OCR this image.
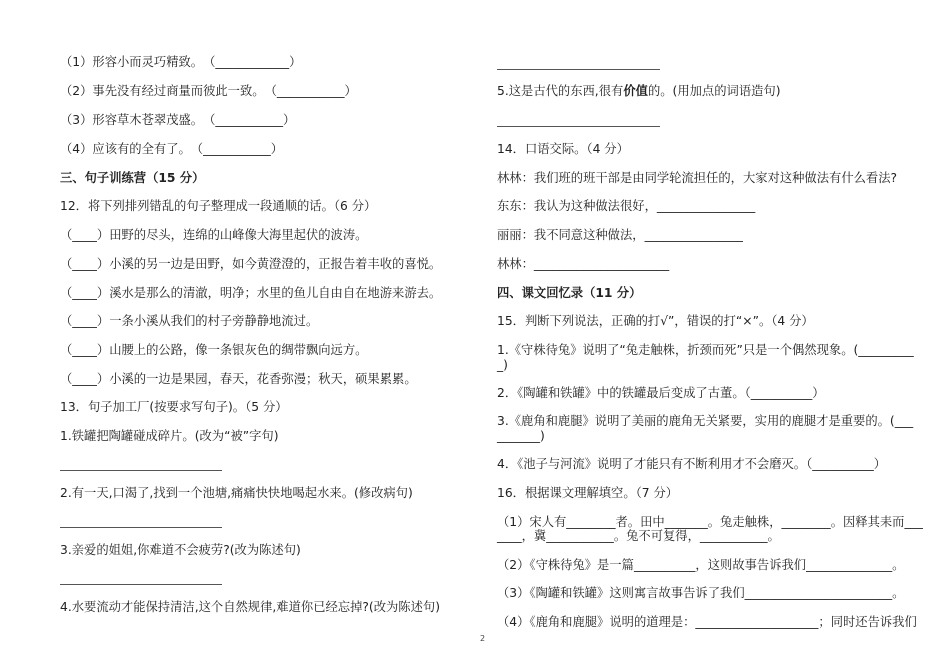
（1）形容小而灵巧精致。　（____________）
（2）事先没有经过商量而彼此一致。　（___________）
（3）形容草木苍翠茂盛。　（___________）
（4）应该有的全有了。　（___________）
三、句子训练营（15 分）
12．将下列排列错乱的句子整理成一段通顺的话。（6 分）
（____）田野的尽头，连绵的山峰像大海里起伏的波涛。
（____）小溪的另一边是田野，如今黄澄澄的，正报告着丰收的喜悦。
（____）溪水是那么的清澈，明净；水里的鱼儿自由自在地游来游去。
（____）一条小溪从我们的村子旁静静地流过。
（____）山腰上的公路，像一条银灰色的绸带飘向远方。
（____）小溪的一边是果园，春天，花香弥漫；秋天，硕果累累。
13．句子加工厂(按要求写句子)。（5 分）
1.铁罐把陶罐碰成碎片。(改为“被”字句)
2.有一天,口渴了,找到一个池塘,痛痛快快地喝起水来。(修改病句)
3.亲爱的姐姐,你难道不会疲劳?(改为陈述句)
4.水要流动才能保持清洁,这个自然规律,难道你已经忘掉?(改为陈述句)
5.这是古代的东西,很有价值的。(用加点的词语造句)
14．口语交际。（4 分）
林林：我们班的班干部是由同学轮流担任的，大家对这种做法有什么看法?
东东：我认为这种做法很好，________________
丽丽：我不同意这种做法，________________
林林：______________________
四、课文回忆录（11 分）
15．判断下列说法，正确的打√”，错误的打“×”。（4 分）
1.《守株待兔》说明了“兔走触株，折颈而死”只是一个偶然现象。(_________
_)
2．《陶罐和铁罐》中的铁罐最后变成了古董。（__________）
3.《鹿角和鹿腿》说明了美丽的鹿角无关紧要，实用的鹿腿才是重要的。(___
_______)
4．《池子与河流》说明了才能只有不断利用才不会磨灭。（__________）
16．根据课文理解填空。（7 分）
（1）宋人有________者。田中_______。兔走触株，________。因释其耒而___
____，冀___________。兔不可复得，___________。
（2）《守株待兔》是一篇__________，这则故事告诉我们______________。
（3）《陶罐和铁罐》这则寓言故事告诉了我们________________________。
（4）《鹿角和鹿腿》说明的道理是：____________________；同时还告诉我们
2
